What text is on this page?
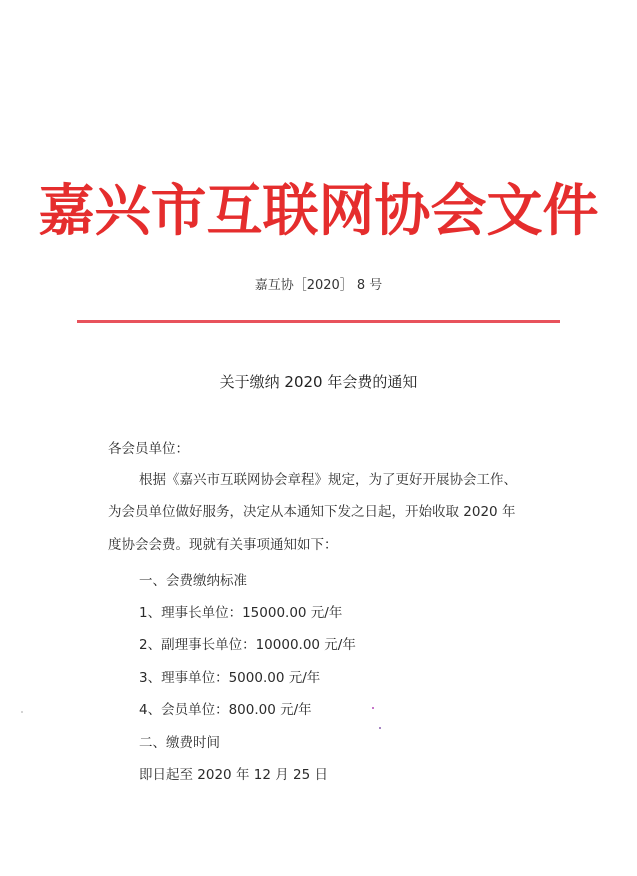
嘉兴市互联网协会文件
嘉互协［2020］ 8 号
关于缴纳 2020 年会费的通知
各会员单位：
根据《嘉兴市互联网协会章程》规定，为了更好开展协会工作、
为会员单位做好服务，决定从本通知下发之日起，开始收取 2020 年
度协会会费。现就有关事项通知如下：
一、会费缴纳标准
1、理事长单位：15000.00 元/年
2、副理事长单位：10000.00 元/年
3、理事单位：5000.00 元/年
4、会员单位：800.00 元/年
二、缴费时间
即日起至 2020 年 12 月 25 日
